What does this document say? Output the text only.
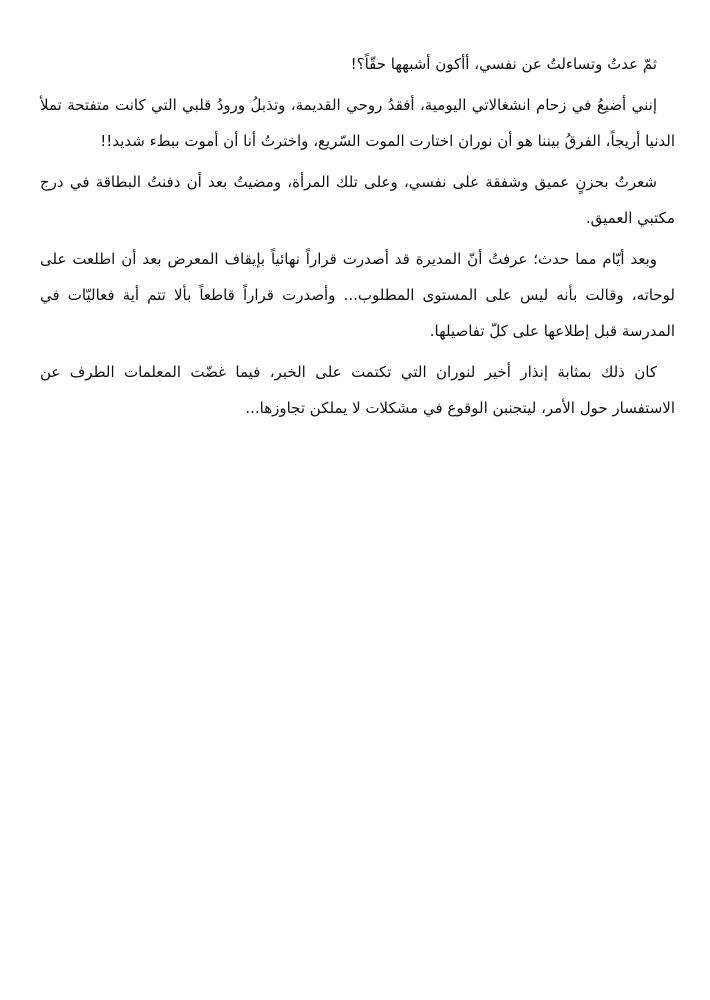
ثمّ عدتُ وتساءلتُ عن نفسي، أأكون أشبهها حقّاً؟!

إنني أضيعُ في زحام انشغالاتي اليومية، أفقدُ روحي القديمة، وتذبلُ ورودُ قلبي التي كانت متفتحة تملأ الدنيا أريجاً، الفرقُ بيننا هو أن نوران اختارت الموت السّريع، واخترتُ أنا أن أموت ببطء شديد!!

شعرتُ بحزنٍ عميق وشفقة على نفسي، وعلى تلك المرأة، ومضيتُ بعد أن دفنتُ البطاقة في درج مكتبي العميق.

وبعد أيّام مما حدث؛ عرفتُ أنّ المديرة قد أصدرت قراراً نهائياً بإيقاف المعرض بعد أن اطلعت على لوحاته، وقالت بأنه ليس على المستوى المطلوب... وأصدرت قراراً قاطعاً بألا تتم أية فعاليّات في المدرسة قبل إطلاعها على كلّ تفاصيلها.

كان ذلك بمثابة إنذار أخير لنوران التي تكتمت على الخبر، فيما غضّت المعلمات الطرف عن الاستفسار حول الأمر، ليتجنبن الوقوع في مشكلات لا يملكن تجاوزها...
